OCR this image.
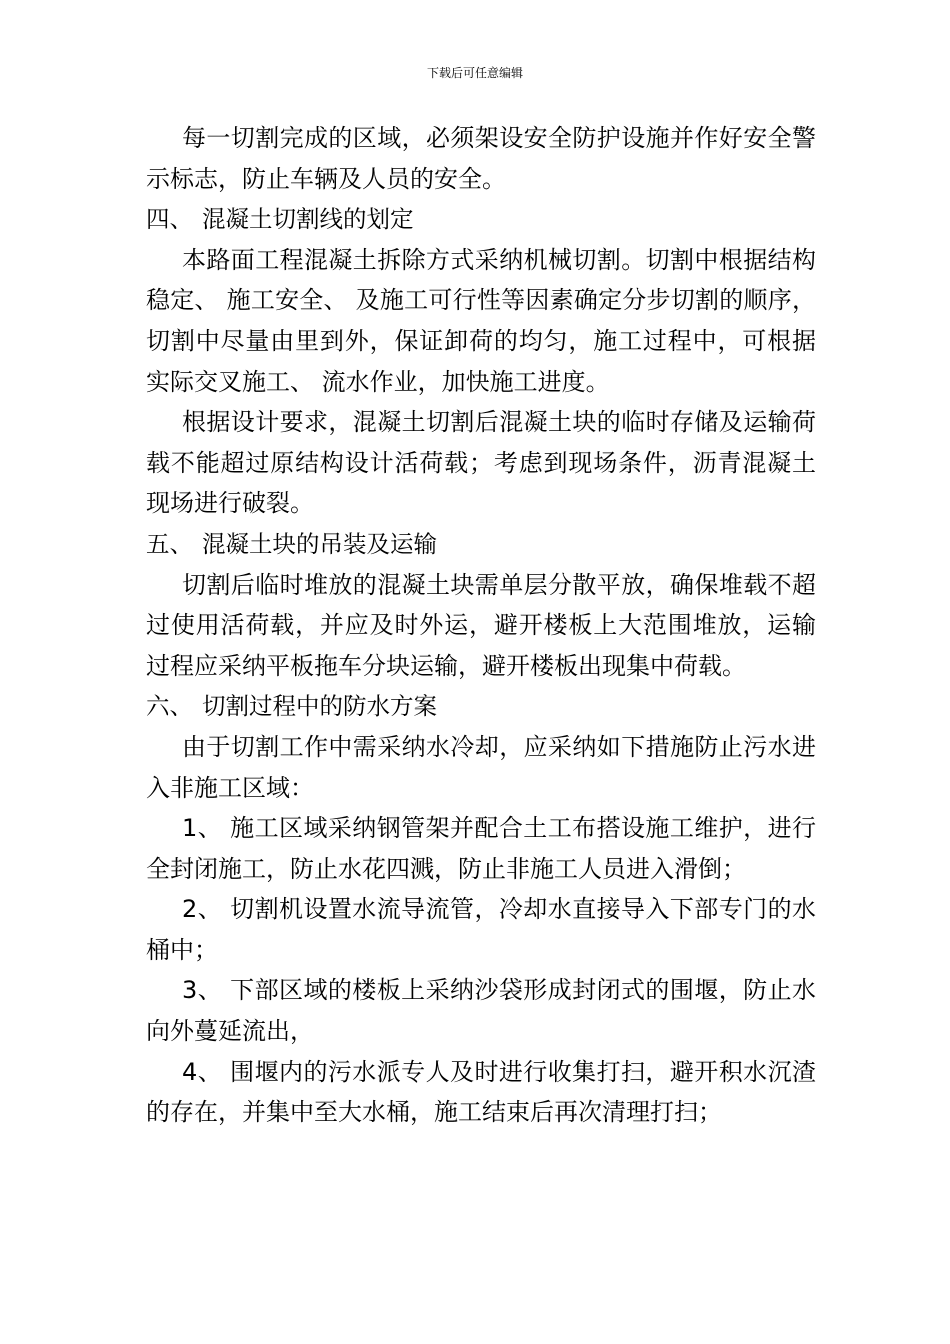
下载后可任意编辑

每一切割完成的区域，必须架设安全防护设施并作好安全警示标志，防止车辆及人员的安全。

四、 混凝土切割线的划定

本路面工程混凝土拆除方式采纳机械切割。切割中根据结构稳定、 施工安全、 及施工可行性等因素确定分步切割的顺序，切割中尽量由里到外，保证卸荷的均匀，施工过程中，可根据实际交叉施工、 流水作业，加快施工进度。

根据设计要求，混凝土切割后混凝土块的临时存储及运输荷载不能超过原结构设计活荷载；考虑到现场条件，沥青混凝土现场进行破裂。

五、 混凝土块的吊装及运输

切割后临时堆放的混凝土块需单层分散平放，确保堆载不超过使用活荷载，并应及时外运，避开楼板上大范围堆放，运输过程应采纳平板拖车分块运输，避开楼板出现集中荷载。

六、 切割过程中的防水方案

由于切割工作中需采纳水冷却，应采纳如下措施防止污水进入非施工区域：

1、 施工区域采纳钢管架并配合土工布搭设施工维护，进行全封闭施工，防止水花四溅，防止非施工人员进入滑倒；

2、 切割机设置水流导流管，冷却水直接导入下部专门的水桶中；

3、 下部区域的楼板上采纳沙袋形成封闭式的围堰，防止水向外蔓延流出，

4、 围堰内的污水派专人及时进行收集打扫，避开积水沉渣的存在，并集中至大水桶，施工结束后再次清理打扫；
